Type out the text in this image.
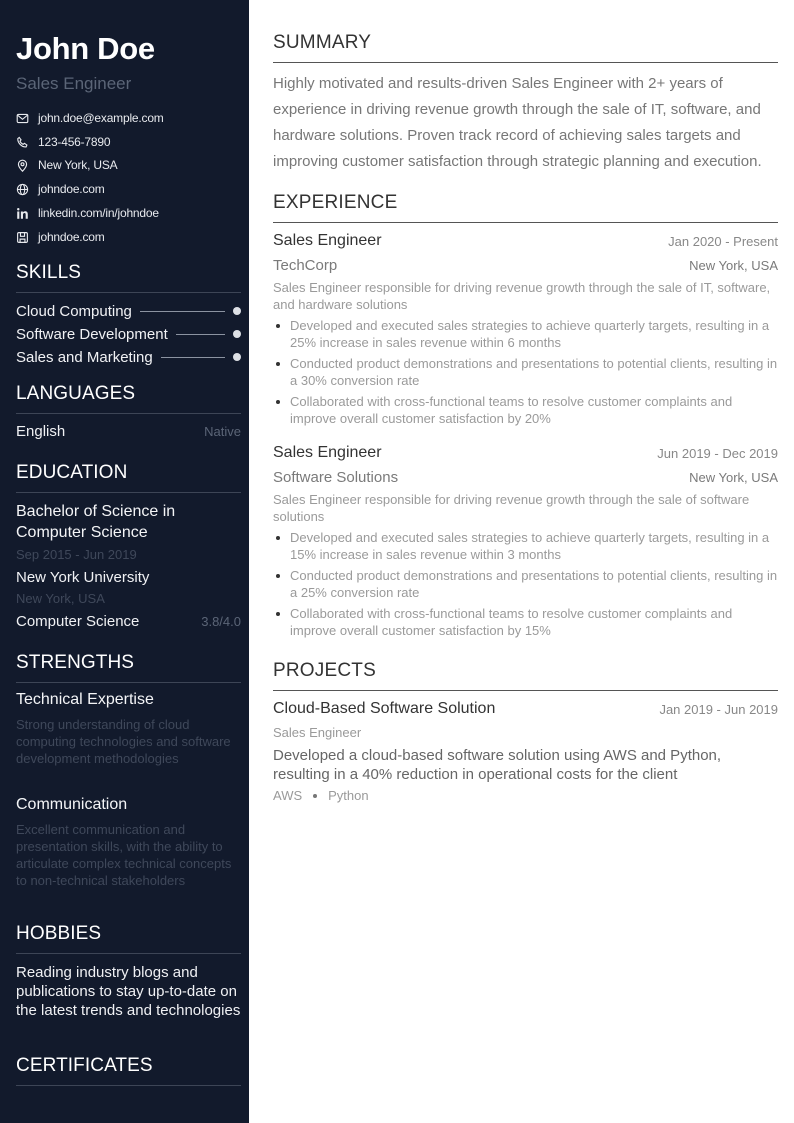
John Doe
Sales Engineer
john.doe@example.com
123-456-7890
New York, USA
johndoe.com
linkedin.com/in/johndoe
johndoe.com
SKILLS
Cloud Computing
Software Development
Sales and Marketing
LANGUAGES
English	Native
EDUCATION
Bachelor of Science in Computer Science
Sep 2015 - Jun 2019
New York University
New York, USA
Computer Science	3.8/4.0
STRENGTHS
Technical Expertise
Strong understanding of cloud computing technologies and software development methodologies
Communication
Excellent communication and presentation skills, with the ability to articulate complex technical concepts to non-technical stakeholders
HOBBIES
Reading industry blogs and publications to stay up-to-date on the latest trends and technologies
CERTIFICATES
SUMMARY
Highly motivated and results-driven Sales Engineer with 2+ years of experience in driving revenue growth through the sale of IT, software, and hardware solutions. Proven track record of achieving sales targets and improving customer satisfaction through strategic planning and execution.
EXPERIENCE
Sales Engineer	Jan 2020 - Present
TechCorp	New York, USA
Sales Engineer responsible for driving revenue growth through the sale of IT, software, and hardware solutions
Developed and executed sales strategies to achieve quarterly targets, resulting in a 25% increase in sales revenue within 6 months
Conducted product demonstrations and presentations to potential clients, resulting in a 30% conversion rate
Collaborated with cross-functional teams to resolve customer complaints and improve overall customer satisfaction by 20%
Sales Engineer	Jun 2019 - Dec 2019
Software Solutions	New York, USA
Sales Engineer responsible for driving revenue growth through the sale of software solutions
Developed and executed sales strategies to achieve quarterly targets, resulting in a 15% increase in sales revenue within 3 months
Conducted product demonstrations and presentations to potential clients, resulting in a 25% conversion rate
Collaborated with cross-functional teams to resolve customer complaints and improve overall customer satisfaction by 15%
PROJECTS
Cloud-Based Software Solution	Jan 2019 - Jun 2019
Sales Engineer
Developed a cloud-based software solution using AWS and Python, resulting in a 40% reduction in operational costs for the client
AWS Python
